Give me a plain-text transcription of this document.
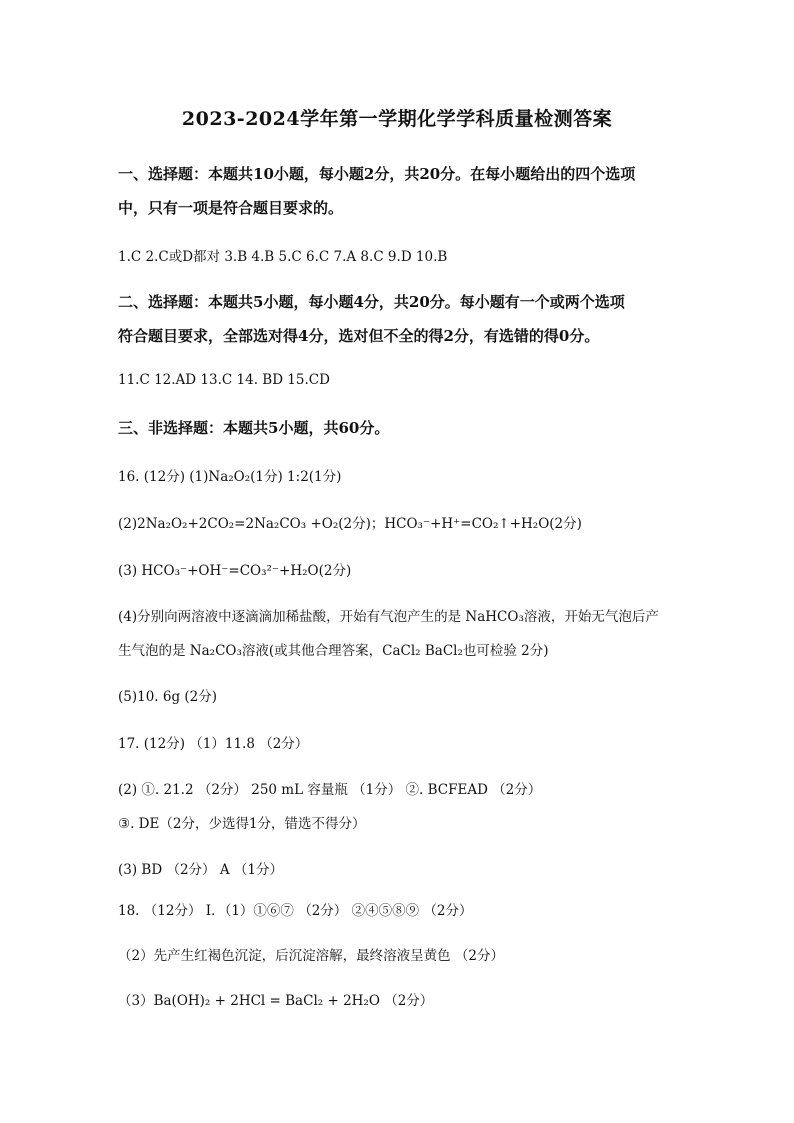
2023-2024学年第一学期化学学科质量检测答案
一、选择题：本题共10小题，每小题2分，共20分。在每小题给出的四个选项
中，只有一项是符合题目要求的。
1.C 2.C或D都对 3.B 4.B 5.C 6.C 7.A 8.C 9.D 10.B
二、选择题：本题共5小题，每小题4分，共20分。每小题有一个或两个选项
符合题目要求，全部选对得4分，选对但不全的得2分，有选错的得0分。
11.C 12.AD 13.C 14. BD 15.CD
三、非选择题：本题共5小题，共60分。
16. (12分) (1)Na₂O₂(1分) 1:2(1分)
(2)2Na₂O₂+2CO₂=2Na₂CO₃ +O₂(2分)；HCO₃⁻+H⁺=CO₂↑+H₂O(2分)
(3) HCO₃⁻+OH⁻=CO₃²⁻+H₂O(2分)
(4)分别向两溶液中逐滴滴加稀盐酸，开始有气泡产生的是 NaHCO₃溶液，开始无气泡后产
生气泡的是 Na₂CO₃溶液(或其他合理答案，CaCl₂ BaCl₂也可检验 2分)
(5)10. 6g (2分)
17. (12分) （1）11.8 （2分）
(2) ①. 21.2 （2分） 250 mL 容量瓶 （1分） ②. BCFEAD （2分）
③. DE（2分，少选得1分，错选不得分）
(3) BD （2分） A （1分）
18. （12分） Ⅰ．（1）①⑥⑦ （2分） ②④⑤⑧⑨ （2分）
（2）先产生红褐色沉淀，后沉淀溶解，最终溶液呈黄色 （2分）
（3）Ba(OH)₂ + 2HCl = BaCl₂ + 2H₂O （2分）
